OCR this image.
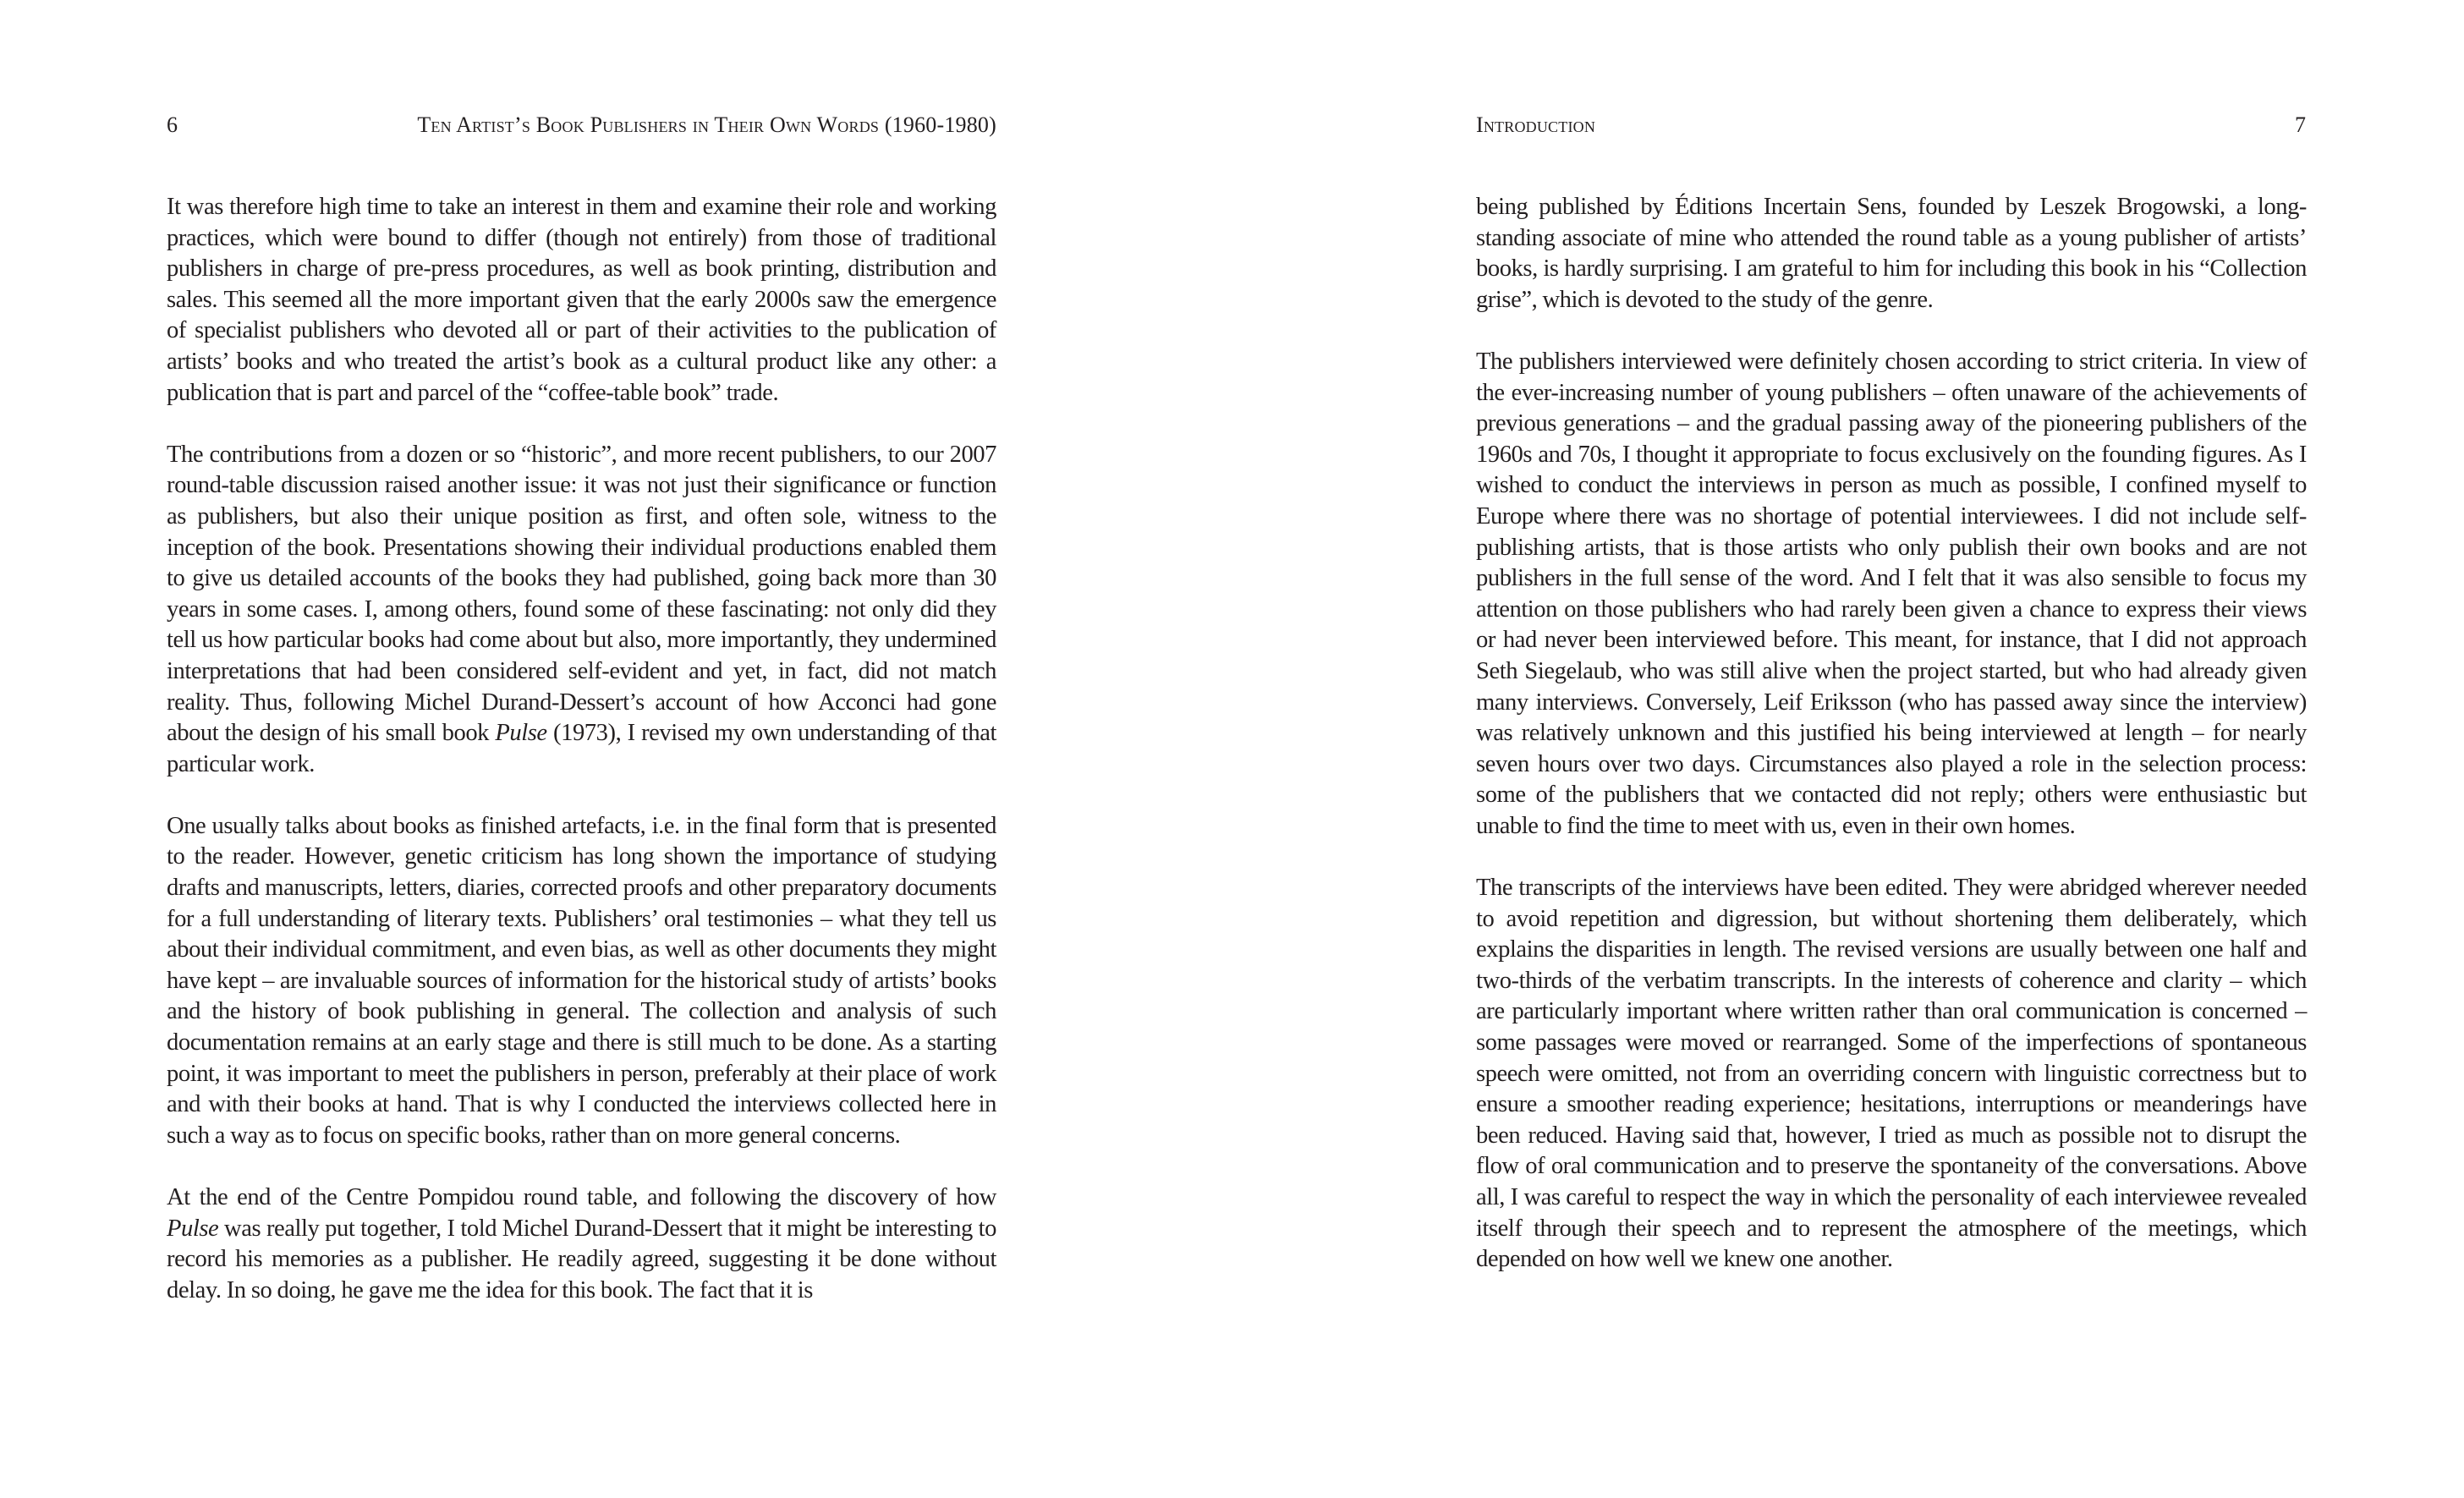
6	Ten Artist’s Book Publishers in Their Own Words (1960-1980)

It was therefore high time to take an interest in them and examine their role and working practices, which were bound to differ (though not entirely) from those of traditional publishers in charge of pre-press procedures, as well as book printing, distribution and sales. This seemed all the more important given that the early 2000s saw the emergence of specialist publishers who devoted all or part of their activities to the publication of artists’ books and who treated the artist’s book as a cultural product like any other: a publication that is part and parcel of the “coffee-table book” trade.

The contributions from a dozen or so “historic”, and more recent publishers, to our 2007 round-table discussion raised another issue: it was not just their significance or function as publishers, but also their unique position as first, and often sole, witness to the inception of the book. Presentations showing their individual productions enabled them to give us detailed accounts of the books they had published, going back more than 30 years in some cases. I, among others, found some of these fascinating: not only did they tell us how particular books had come about but also, more importantly, they undermined interpretations that had been considered self-evident and yet, in fact, did not match reality. Thus, following Michel Durand-Dessert’s account of how Acconci had gone about the design of his small book Pulse (1973), I revised my own understanding of that particular work.

One usually talks about books as finished artefacts, i.e. in the final form that is presented to the reader. However, genetic criticism has long shown the importance of studying drafts and manuscripts, letters, diaries, corrected proofs and other preparatory documents for a full understanding of literary texts. Publishers’ oral testimonies – what they tell us about their individual commitment, and even bias, as well as other documents they might have kept – are invaluable sources of information for the historical study of artists’ books and the history of book publishing in general. The collection and analysis of such documentation remains at an early stage and there is still much to be done. As a starting point, it was important to meet the publishers in person, preferably at their place of work and with their books at hand. That is why I conducted the interviews collected here in such a way as to focus on specific books, rather than on more general concerns.

At the end of the Centre Pompidou round table, and following the discovery of how Pulse was really put together, I told Michel Durand-Dessert that it might be interesting to record his memories as a publisher. He readily agreed, suggesting it be done without delay. In so doing, he gave me the idea for this book. The fact that it is

Introduction	7

being published by Éditions Incertain Sens, founded by Leszek Brogowski, a long-standing associate of mine who attended the round table as a young publisher of artists’ books, is hardly surprising. I am grateful to him for including this book in his “Collection grise”, which is devoted to the study of the genre.

The publishers interviewed were definitely chosen according to strict criteria. In view of the ever-increasing number of young publishers – often unaware of the achievements of previous generations – and the gradual passing away of the pioneering publishers of the 1960s and 70s, I thought it appropriate to focus exclusively on the founding figures. As I wished to conduct the interviews in person as much as possible, I confined myself to Europe where there was no shortage of potential interviewees. I did not include self-publishing artists, that is those artists who only publish their own books and are not publishers in the full sense of the word. And I felt that it was also sensible to focus my attention on those publishers who had rarely been given a chance to express their views or had never been interviewed before. This meant, for instance, that I did not approach Seth Siegelaub, who was still alive when the project started, but who had already given many interviews. Conversely, Leif Eriksson (who has passed away since the interview) was relatively unknown and this justified his being interviewed at length – for nearly seven hours over two days. Circumstances also played a role in the selection process: some of the publishers that we contacted did not reply; others were enthusiastic but unable to find the time to meet with us, even in their own homes.

The transcripts of the interviews have been edited. They were abridged wherever needed to avoid repetition and digression, but without shortening them deliberately, which explains the disparities in length. The revised versions are usually between one half and two-thirds of the verbatim transcripts. In the interests of coherence and clarity – which are particularly important where written rather than oral communication is concerned – some passages were moved or rearranged. Some of the imperfections of spontaneous speech were omitted, not from an overriding concern with linguistic correctness but to ensure a smoother reading experience; hesitations, interruptions or meanderings have been reduced. Having said that, however, I tried as much as possible not to disrupt the flow of oral communication and to preserve the spontaneity of the conversations. Above all, I was careful to respect the way in which the personality of each interviewee revealed itself through their speech and to represent the atmosphere of the meetings, which depended on how well we knew one another.
